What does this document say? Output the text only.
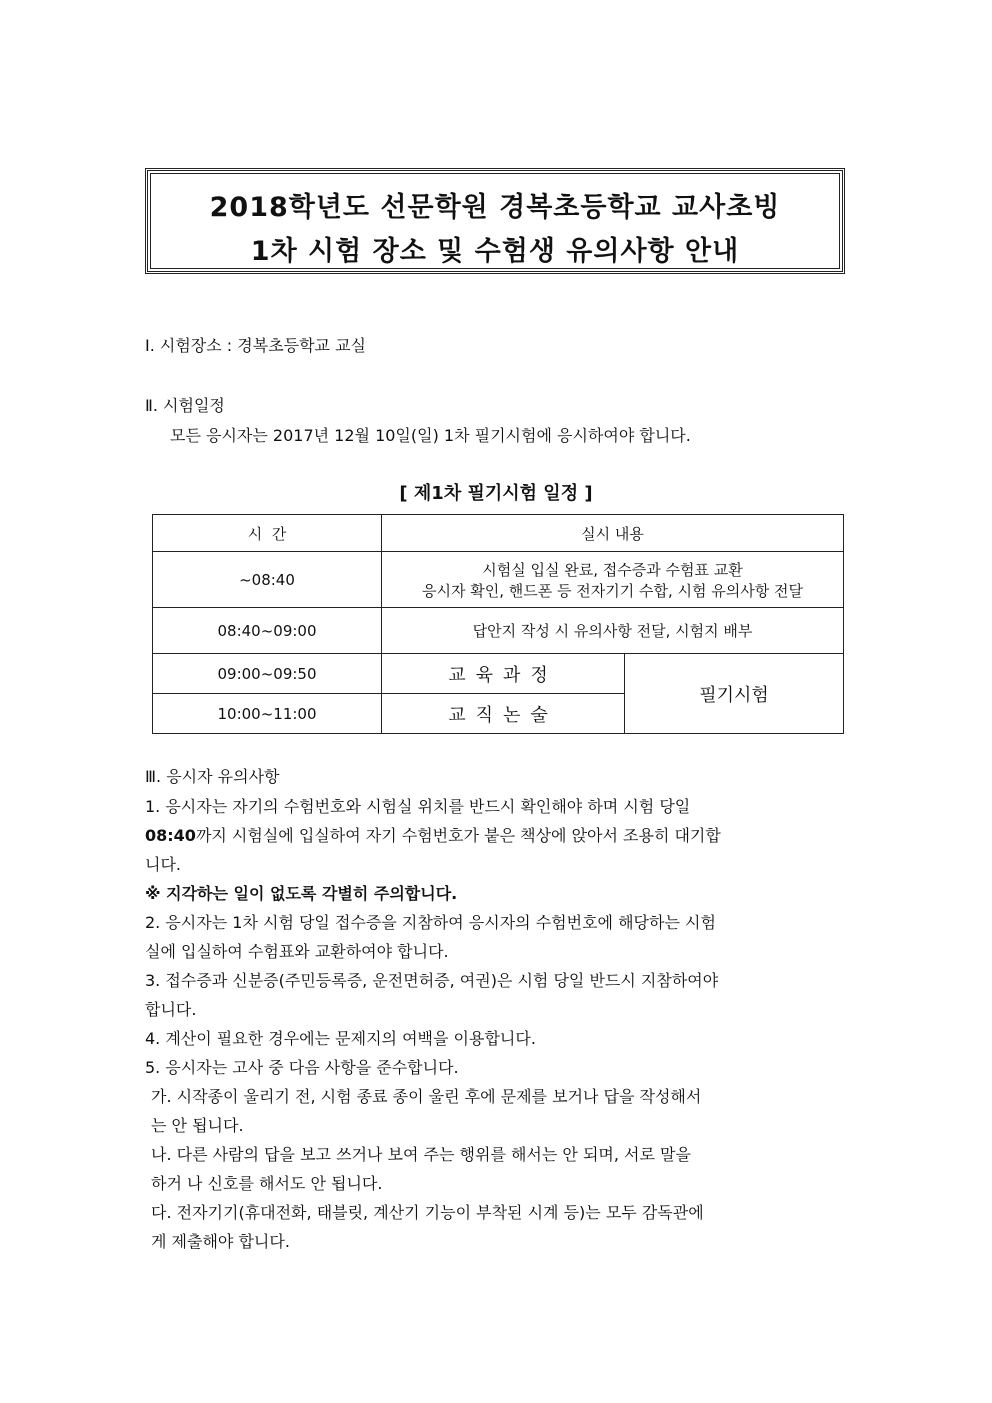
2018학년도 선문학원 경복초등학교 교사초빙
1차 시험 장소 및 수험생 유의사항 안내
Ⅰ. 시험장소 : 경복초등학교 교실
Ⅱ. 시험일정
모든 응시자는 2017년 12월 10일(일) 1차 필기시험에 응시하여야 합니다.
[ 제1차 필기시험 일정 ]
시  간	실시 내용	
~08:40	시험실 입실 완료, 접수증과 수험표 교환
응시자 확인, 핸드폰 등 전자기기 수합, 시험 유의사항 전달	

08:40~09:00	답안지 작성 시 유의사항 전달, 시험지 배부	
09:00~09:50	교육과정	필기시험
10:00~11:00	교직논술	
Ⅲ. 응시자 유의사항
1. 응시자는 자기의 수험번호와 시험실 위치를 반드시 확인해야 하며 시험 당일
08:40까지 시험실에 입실하여 자기 수험번호가 붙은 책상에 앉아서 조용히 대기합
니다.
※ 지각하는 일이 없도록 각별히 주의합니다.
2. 응시자는 1차 시험 당일 접수증을 지참하여 응시자의 수험번호에 해당하는 시험
실에 입실하여 수험표와 교환하여야 합니다.
3. 접수증과 신분증(주민등록증, 운전면허증, 여권)은 시험 당일 반드시 지참하여야
합니다.
4. 계산이 필요한 경우에는 문제지의 여백을 이용합니다.
5. 응시자는 고사 중 다음 사항을 준수합니다.
가. 시작종이 울리기 전, 시험 종료 종이 울린 후에 문제를 보거나 답을 작성해서
는 안 됩니다.
나. 다른 사람의 답을 보고 쓰거나 보여 주는 행위를 해서는 안 되며, 서로 말을
하거 나 신호를 해서도 안 됩니다.
다. 전자기기(휴대전화, 태블릿, 계산기 기능이 부착된 시계 등)는 모두 감독관에
게 제출해야 합니다.
